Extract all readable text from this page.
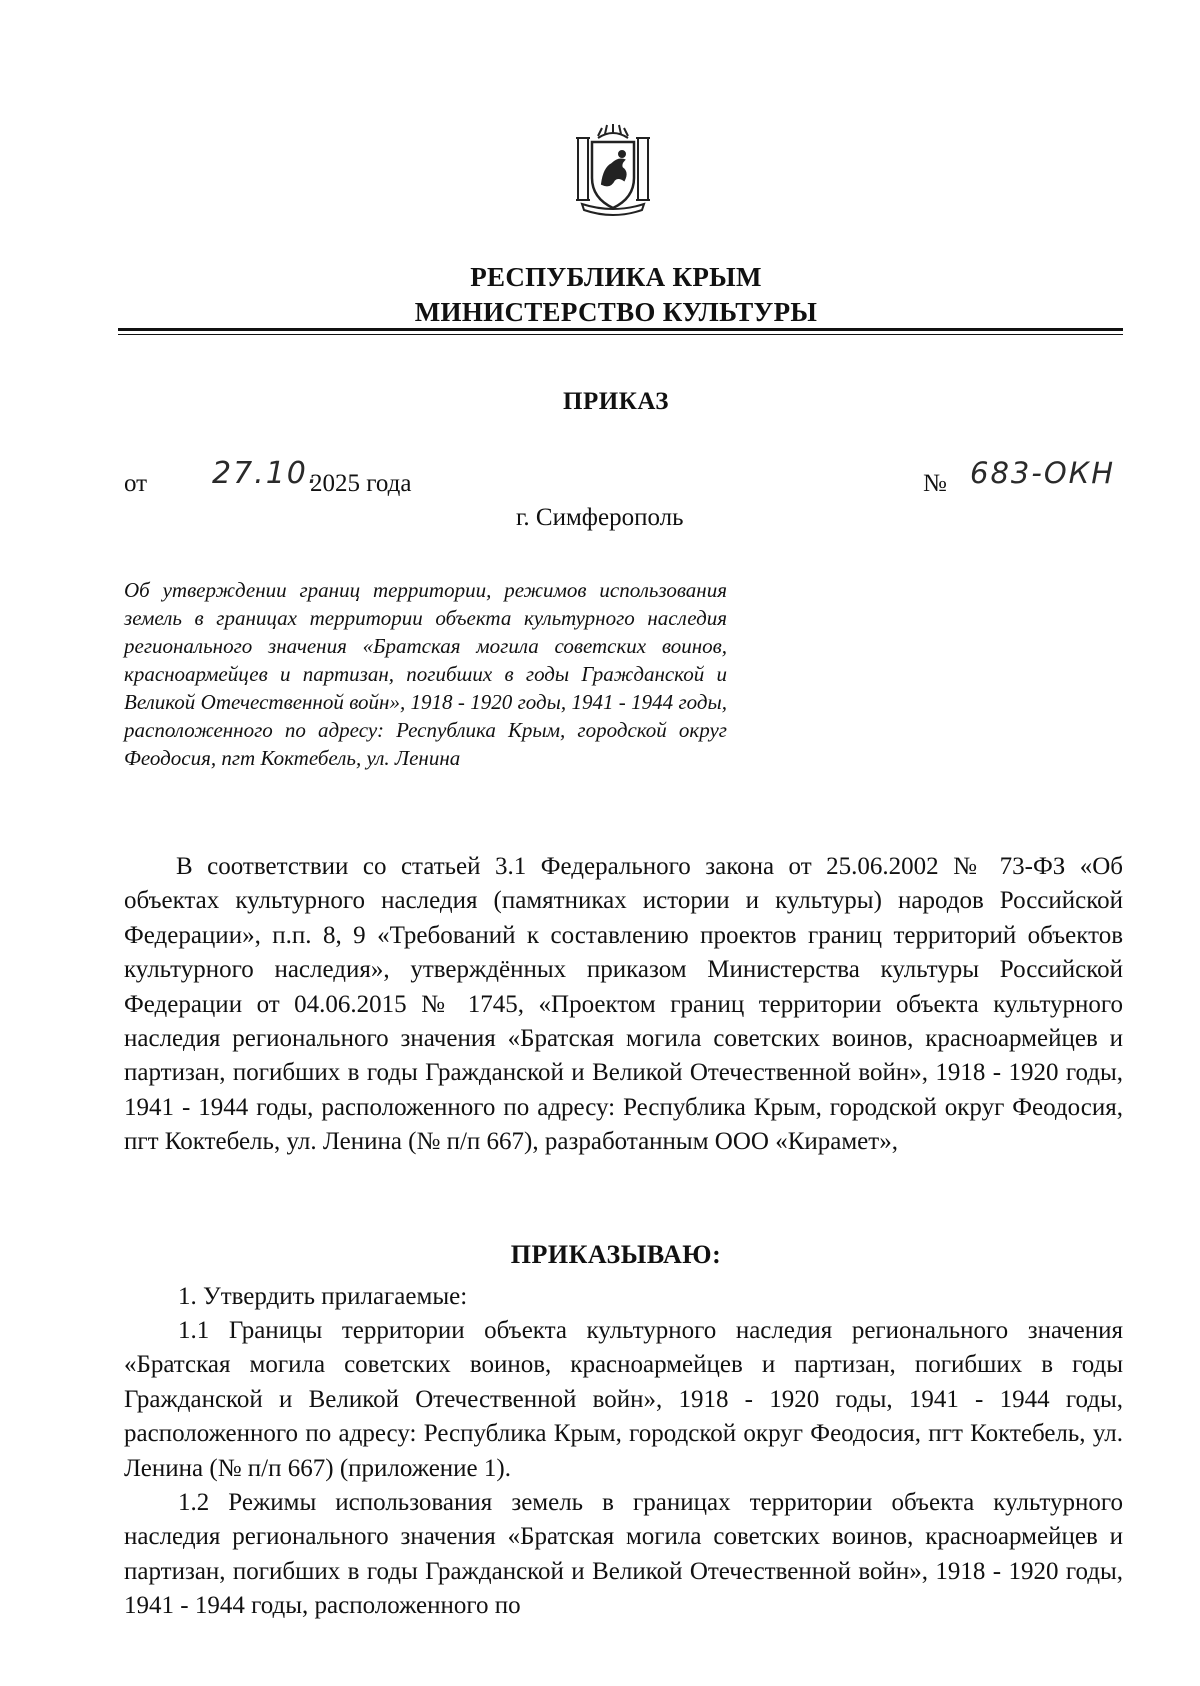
РЕСПУБЛИКА КРЫМ
МИНИСТЕРСТВО КУЛЬТУРЫ
ПРИКАЗ
от 27.10.
2025 года	№ 683-ОКН
г. Симферополь
Об утверждении границ территории, режимов использования земель в границах территории объекта культурного наследия регионального значения «Братская могила советских воинов, красноармейцев и партизан, погибших в годы Гражданской и Великой Отечественной войн», 1918 - 1920 годы, 1941 - 1944 годы, расположенного по адресу: Республика Крым, городской округ Феодосия, пгт Коктебель, ул. Ленина
В соответствии со статьей 3.1 Федерального закона от 25.06.2002 № 73-ФЗ «Об объектах культурного наследия (памятниках истории и культуры) народов Российской Федерации», п.п. 8, 9 «Требований к составлению проектов границ территорий объектов культурного наследия», утверждённых приказом Министерства культуры Российской Федерации от 04.06.2015 № 1745, «Проектом границ территории объекта культурного наследия регионального значения «Братская могила советских воинов, красноармейцев и партизан, погибших в годы Гражданской и Великой Отечественной войн», 1918 - 1920 годы, 1941 - 1944 годы, расположенного по адресу: Республика Крым, городской округ Феодосия, пгт Коктебель, ул. Ленина (№ п/п 667), разработанным ООО «Кирамет»,
ПРИКАЗЫВАЮ:
1. Утвердить прилагаемые:
1.1 Границы территории объекта культурного наследия регионального значения «Братская могила советских воинов, красноармейцев и партизан, погибших в годы Гражданской и Великой Отечественной войн», 1918 - 1920 годы, 1941 - 1944 годы, расположенного по адресу: Республика Крым, городской округ Феодосия, пгт Коктебель, ул. Ленина (№ п/п 667) (приложение 1).
1.2 Режимы использования земель в границах территории объекта культурного наследия регионального значения «Братская могила советских воинов, красноармейцев и партизан, погибших в годы Гражданской и Великой Отечественной войн», 1918 - 1920 годы, 1941 - 1944 годы, расположенного по
